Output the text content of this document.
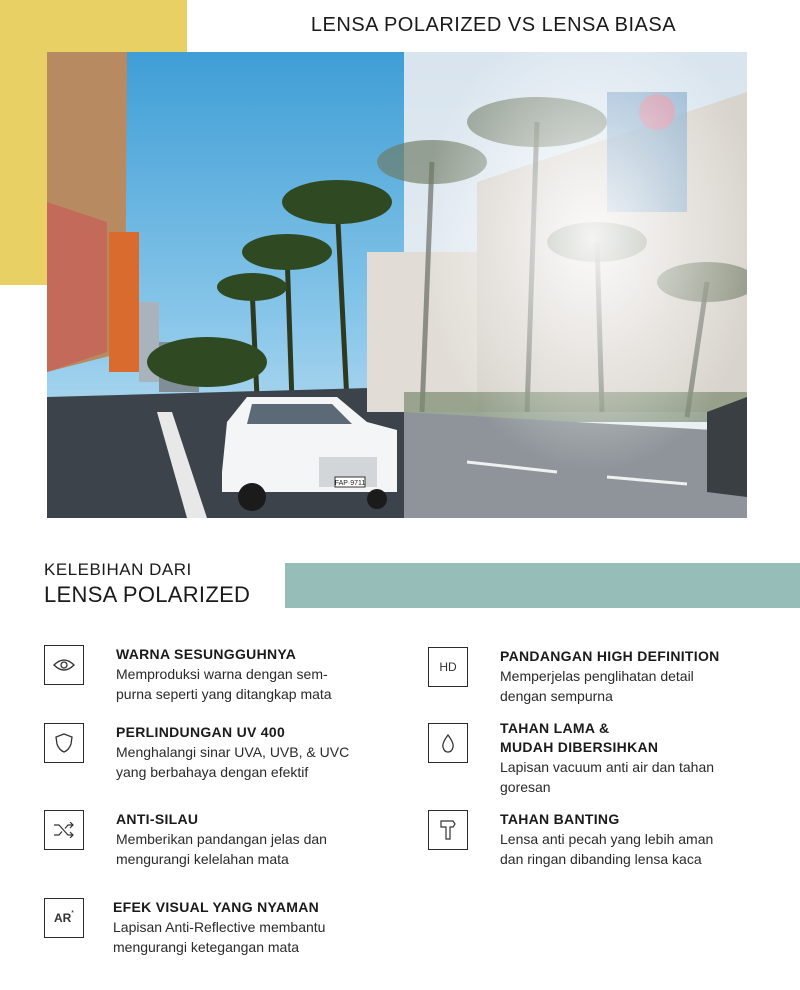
LENSA POLARIZED VS LENSA BIASA
FAP·9711
KELEBIHAN DARI
LENSA POLARIZED
WARNA SESUNGGUHNYA
Memproduksi warna dengan sem-
purna seperti yang ditangkap mata
HD
PANDANGAN HIGH DEFINITION
Memperjelas penglihatan detail
dengan sempurna
PERLINDUNGAN UV 400
Menghalangi sinar UVA, UVB, & UVC
yang berbahaya dengan efektif
TAHAN LAMA &
MUDAH DIBERSIHKAN
Lapisan vacuum anti air dan tahan
goresan
ANTI-SILAU
Memberikan pandangan jelas dan
mengurangi kelelahan mata
TAHAN BANTING
Lensa anti pecah yang lebih aman
dan ringan dibanding lensa kaca
AR*	EFEK VISUAL YANG NYAMAN
Lapisan Anti-Reflective membantu
mengurangi ketegangan mata
